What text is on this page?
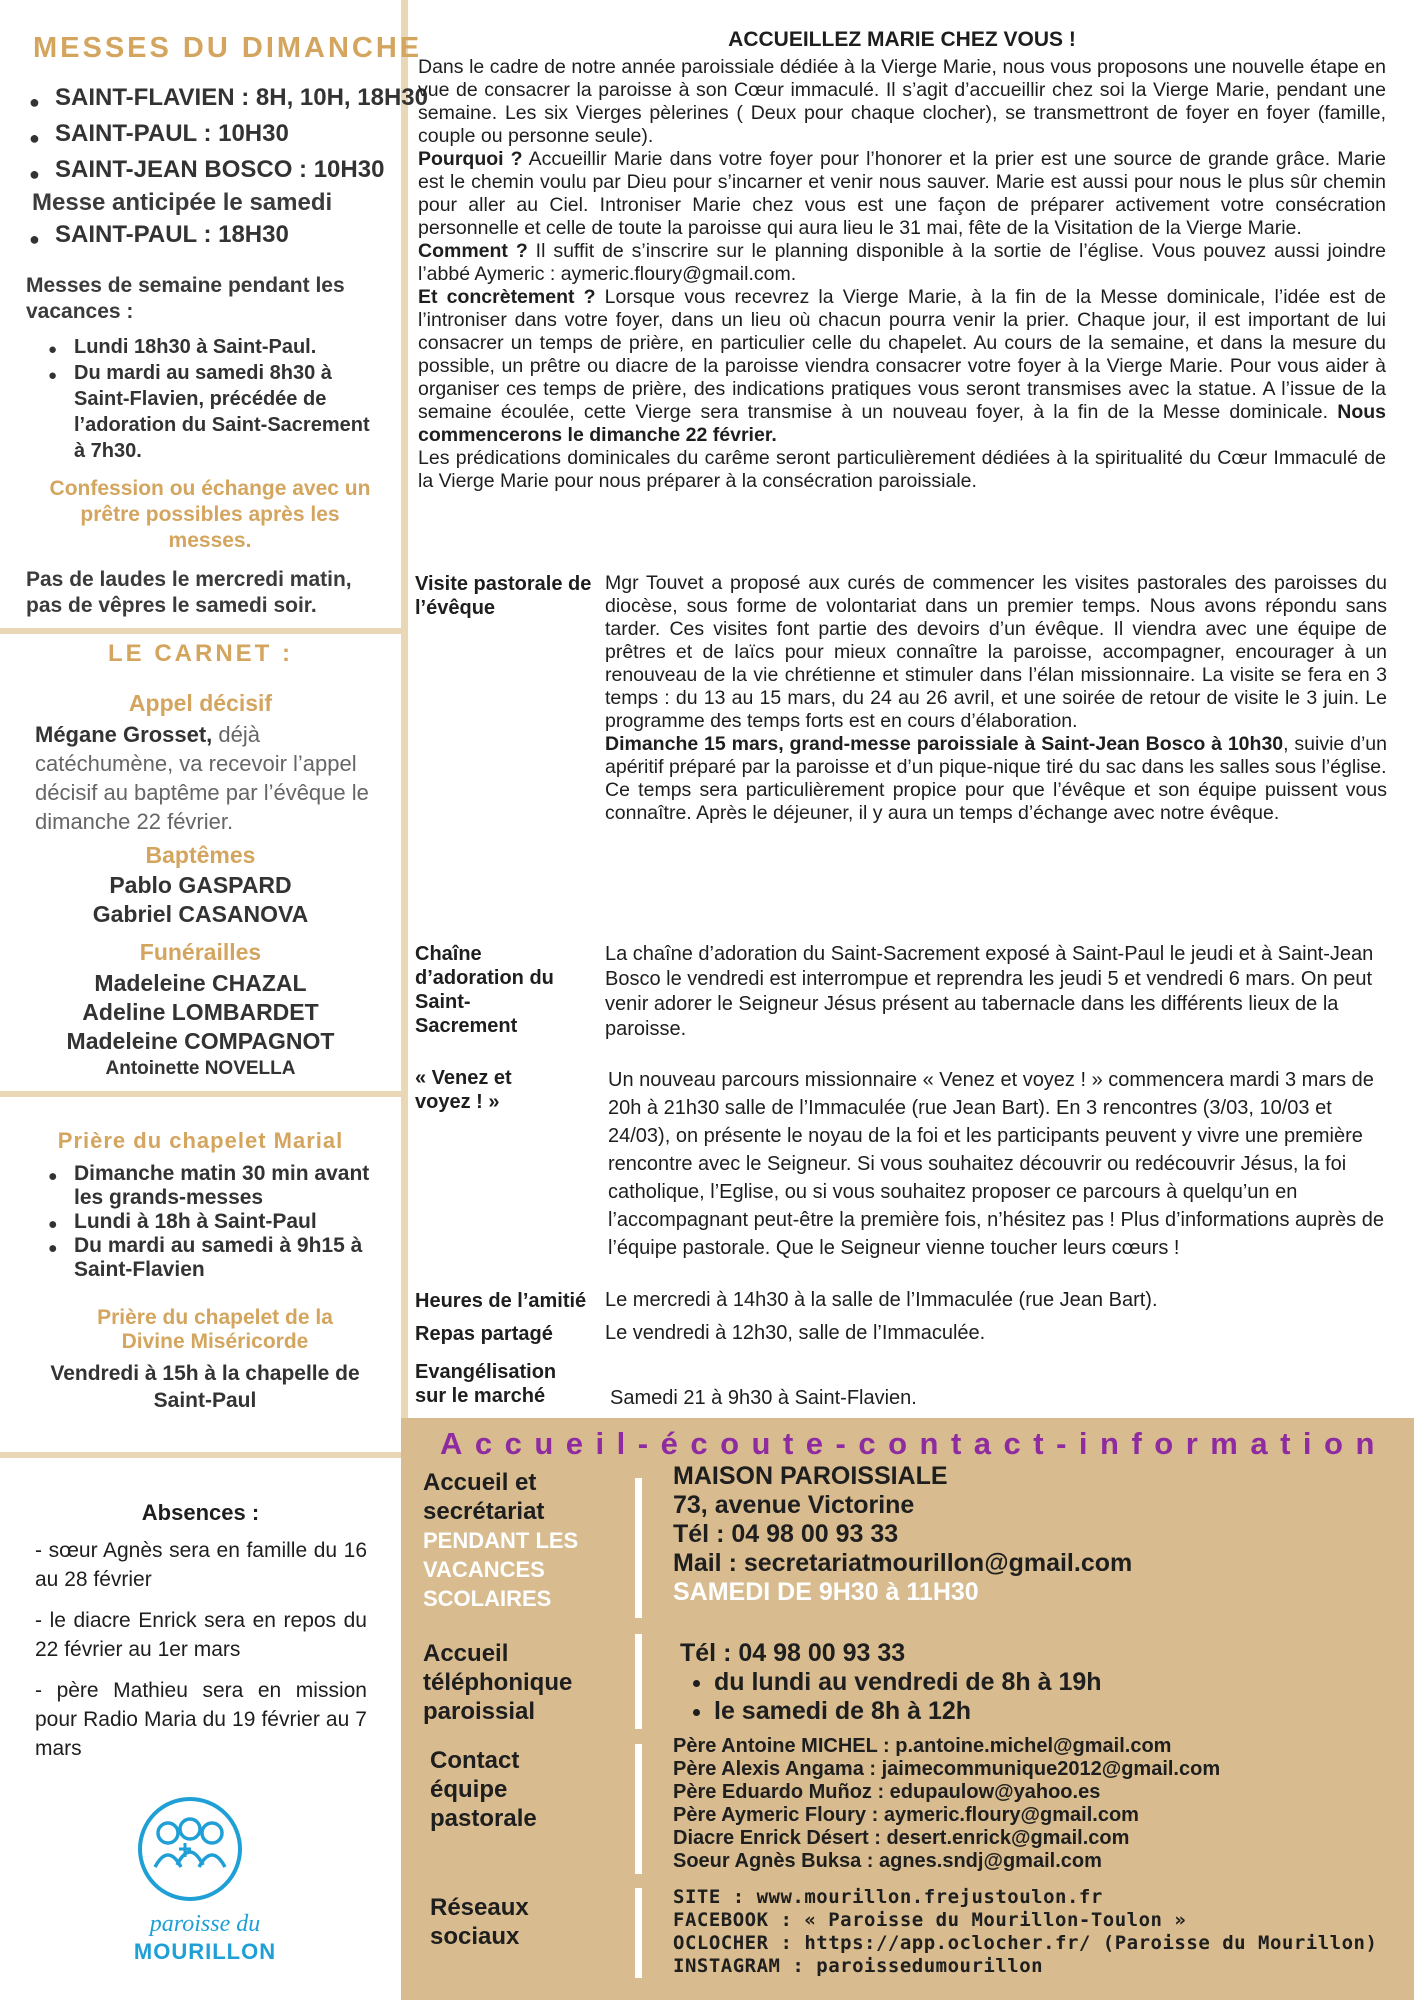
MESSES DU DIMANCHE
● SAINT-FLAVIEN : 8H, 10H, 18H30
● SAINT-PAUL : 10H30
● SAINT-JEAN BOSCO : 10H30
Messe anticipée le samedi
● SAINT-PAUL : 18H30
Messes de semaine pendant les vacances :
● Lundi 18h30 à Saint-Paul.
● Du mardi au samedi 8h30 à Saint-Flavien, précédée de l’adoration du Saint-Sacrement à 7h30.
Confession ou échange avec un prêtre possibles après les messes.
Pas de laudes le mercredi matin, pas de vêpres le samedi soir.
LE CARNET :
Appel décisif
Mégane Grosset, déjà catéchumène, va recevoir l’appel décisif au baptême par l’évêque le dimanche 22 février.
Baptêmes
Pablo GASPARD
Gabriel CASANOVA
Funérailles
Madeleine CHAZAL
Adeline LOMBARDET
Madeleine COMPAGNOT
Antoinette NOVELLA
Prière du chapelet Marial
● Dimanche matin 30 min avant les grands-messes
● Lundi à 18h à Saint-Paul
● Du mardi au samedi à 9h15 à Saint-Flavien
Prière du chapelet de la Divine Miséricorde
Vendredi à 15h à la chapelle de Saint-Paul
Absences :
- sœur Agnès sera en famille du 16 au 28 février
- le diacre Enrick sera en repos du 22 février au 1er mars
- père Mathieu sera en mission pour Radio Maria du 19 février au 7 mars
paroisse du
MOURILLON
ACCUEILLEZ MARIE CHEZ VOUS !
Dans le cadre de notre année paroissiale dédiée à la Vierge Marie, nous vous proposons une nouvelle étape en vue de consacrer la paroisse à son Cœur immaculé. Il s’agit d’accueillir chez soi la Vierge Marie, pendant une semaine. Les six Vierges pèlerines ( Deux pour chaque clocher), se transmettront de foyer en foyer (famille, couple ou personne seule).
Pourquoi ? Accueillir Marie dans votre foyer pour l’honorer et la prier est une source de grande grâce. Marie est le chemin voulu par Dieu pour s’incarner et venir nous sauver. Marie est aussi pour nous le plus sûr chemin pour aller au Ciel. Introniser Marie chez vous est une façon de préparer activement votre consécration personnelle et celle de toute la paroisse qui aura lieu le 31 mai, fête de la Visitation de la Vierge Marie.
Comment ? Il suffit de s’inscrire sur le planning disponible à la sortie de l’église. Vous pouvez aussi joindre l’abbé Aymeric : aymeric.floury@gmail.com.
Et concrètement ? Lorsque vous recevrez la Vierge Marie, à la fin de la Messe dominicale, l’idée est de l’introniser dans votre foyer, dans un lieu où chacun pourra venir la prier. Chaque jour, il est important de lui consacrer un temps de prière, en particulier celle du chapelet. Au cours de la semaine, et dans la mesure du possible, un prêtre ou diacre de la paroisse viendra consacrer votre foyer à la Vierge Marie. Pour vous aider à organiser ces temps de prière, des indications pratiques vous seront transmises avec la statue. A l’issue de la semaine écoulée, cette Vierge sera transmise à un nouveau foyer, à la fin de la Messe dominicale. Nous commencerons le dimanche 22 février.
Les prédications dominicales du carême seront particulièrement dédiées à la spiritualité du Cœur Immaculé de la Vierge Marie pour nous préparer à la consécration paroissiale.
Visite pastorale de l’évêque
Mgr Touvet a proposé aux curés de commencer les visites pastorales des paroisses du diocèse, sous forme de volontariat dans un premier temps. Nous avons répondu sans tarder. Ces visites font partie des devoirs d’un évêque. Il viendra avec une équipe de prêtres et de laïcs pour mieux connaître la paroisse, accompagner, encourager à un renouveau de la vie chrétienne et stimuler dans l’élan missionnaire. La visite se fera en 3 temps : du 13 au 15 mars, du 24 au 26 avril, et une soirée de retour de visite le 3 juin. Le programme des temps forts est en cours d’élaboration.
Dimanche 15 mars, grand-messe paroissiale à Saint-Jean Bosco à 10h30, suivie d’un apéritif préparé par la paroisse et d’un pique-nique tiré du sac dans les salles sous l’église.
Ce temps sera particulièrement propice pour que l’évêque et son équipe puissent vous connaître. Après le déjeuner, il y aura un temps d’échange avec notre évêque.
Chaîne d’adoration du Saint-Sacrement
La chaîne d’adoration du Saint-Sacrement exposé à Saint-Paul le jeudi et à Saint-Jean Bosco le vendredi est interrompue et reprendra les jeudi 5 et vendredi 6 mars. On peut venir adorer le Seigneur Jésus présent au tabernacle dans les différents lieux de la paroisse.
« Venez et voyez ! »
Un nouveau parcours missionnaire « Venez et voyez ! » commencera mardi 3 mars de 20h à 21h30 salle de l’Immaculée (rue Jean Bart). En 3 rencontres (3/03, 10/03 et 24/03), on présente le noyau de la foi et les participants peuvent y vivre une première rencontre avec le Seigneur. Si vous souhaitez découvrir ou redécouvrir Jésus, la foi catholique, l’Eglise, ou si vous souhaitez proposer ce parcours à quelqu’un en l’accompagnant peut-être la première fois, n’hésitez pas ! Plus d’informations auprès de l’équipe pastorale. Que le Seigneur vienne toucher leurs cœurs !
Heures de l’amitié Le mercredi à 14h30 à la salle de l’Immaculée (rue Jean Bart).
Repas partagé	Le vendredi à 12h30, salle de l’Immaculée.
Evangélisation sur le marché	Samedi 21 à 9h30 à Saint-Flavien.
Accueil-écoute-contact-information
Accueil et secrétariat
PENDANT LES VACANCES SCOLAIRES
MAISON PAROISSIALE
73, avenue Victorine
Tél : 04 98 00 93 33
Mail : secretariatmourillon@gmail.com
SAMEDI DE 9H30 à 11H30
Accueil téléphonique paroissial
Tél : 04 98 00 93 33
• du lundi au vendredi de 8h à 19h
• le samedi de 8h à 12h
Contact équipe pastorale
Père Antoine MICHEL : p.antoine.michel@gmail.com
Père Alexis Angama : jaimecommunique2012@gmail.com
Père Eduardo Muñoz : edupaulow@yahoo.es
Père Aymeric Floury : aymeric.floury@gmail.com
Diacre Enrick Désert : desert.enrick@gmail.com
Soeur Agnès Buksa : agnes.sndj@gmail.com
Réseaux sociaux
SITE : www.mourillon.frejustoulon.fr
FACEBOOK : « Paroisse du Mourillon-Toulon »
OCLOCHER : https://app.oclocher.fr/ (Paroisse du Mourillon)
INSTAGRAM : paroissedumourillon
